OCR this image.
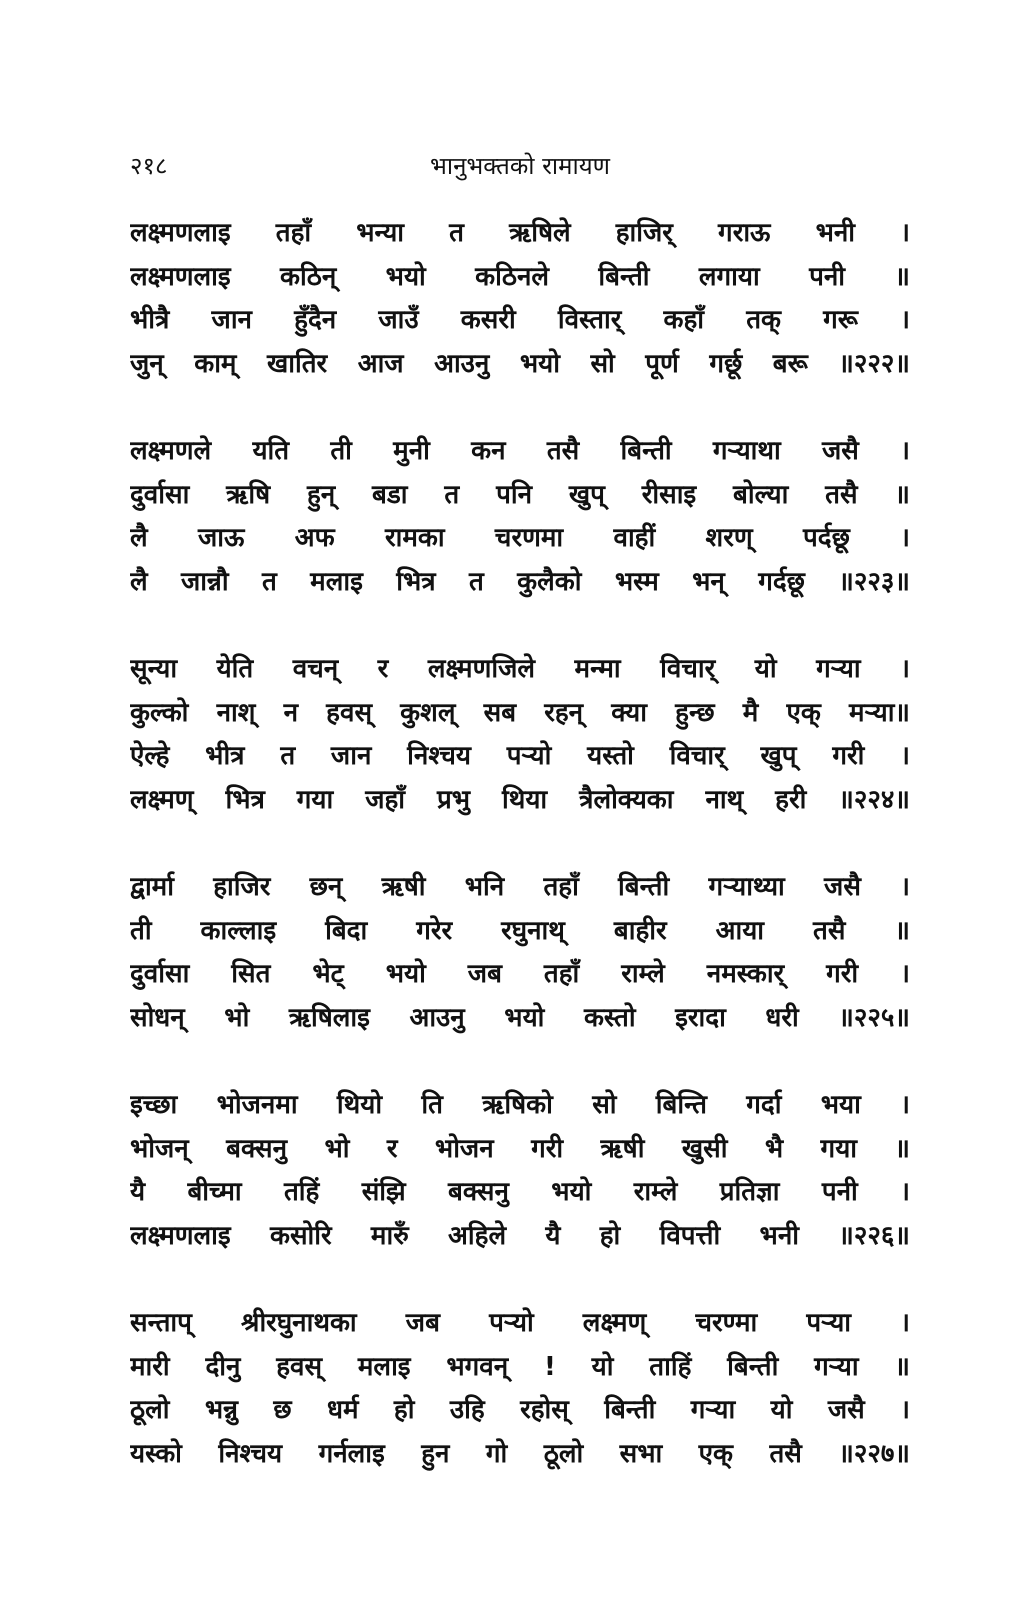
२१८	भानुभक्तको रामायण
लक्ष्मणलाइ तहाँ भन्या त ऋषिले हाजिर् गराऊ भनी ।
लक्ष्मणलाइ कठिन् भयो कठिनले बिन्ती लगाया पनी ॥
भीत्रै जान हुँदैन जाउँ कसरी विस्तार् कहाँ तक् गरू ।
जुन् काम् खातिर आज आउनु भयो सो पूर्ण गर्छू बरू ॥२२२॥
लक्ष्मणले यति ती मुनी कन तसै बिन्ती गऱ्याथा जसै ।
दुर्वासा ऋषि हुन् बडा त पनि खुप् रीसाइ बोल्या तसै ॥
लै जाऊ अफ रामका चरणमा वाहीं शरण् पर्दछू ।
लै जान्नौ त मलाइ भित्र त कुलैको भस्म भन् गर्दछू ॥२२३॥
सून्या येति वचन् र लक्ष्मणजिले मन्मा विचार् यो गऱ्या ।
कुल्को नाश् न हवस् कुशल् सब रहन् क्या हुन्छ मै एक् मऱ्या॥
ऐल्हे भीत्र त जान निश्चय पऱ्यो यस्तो विचार् खुप् गरी ।
लक्ष्मण् भित्र गया जहाँ प्रभु थिया त्रैलोक्यका नाथ् हरी ॥२२४॥
द्वार्मा हाजिर छन् ऋषी भनि तहाँ बिन्ती गऱ्याथ्या जसै ।
ती काल्लाइ बिदा गरेर रघुनाथ् बाहीर आया तसै ॥
दुर्वासा सित भेट् भयो जब तहाँ राम्ले नमस्कार् गरी ।
सोधन् भो ऋषिलाइ आउनु भयो कस्तो इरादा धरी ॥२२५॥
इच्छा भोजनमा थियो ति ऋषिको सो बिन्ति गर्दा भया ।
भोजन् बक्सनु भो र भोजन गरी ऋषी खुसी भै गया ॥
यै बीच्मा तहिं संझि बक्सनु भयो राम्ले प्रतिज्ञा पनी ।
लक्ष्मणलाइ कसोरि मारुँ अहिले यै हो विपत्ती भनी ॥२२६॥
सन्ताप् श्रीरघुनाथका जब पऱ्यो लक्ष्मण् चरण्मा पऱ्या ।
मारी दीनु हवस् मलाइ भगवन् ! यो ताहिं बिन्ती गऱ्या ॥
ठूलो भन्नु छ धर्म हो उहि रहोस् बिन्ती गऱ्या यो जसै ।
यस्को निश्चय गर्नलाइ हुन गो ठूलो सभा एक् तसै ॥२२७॥
